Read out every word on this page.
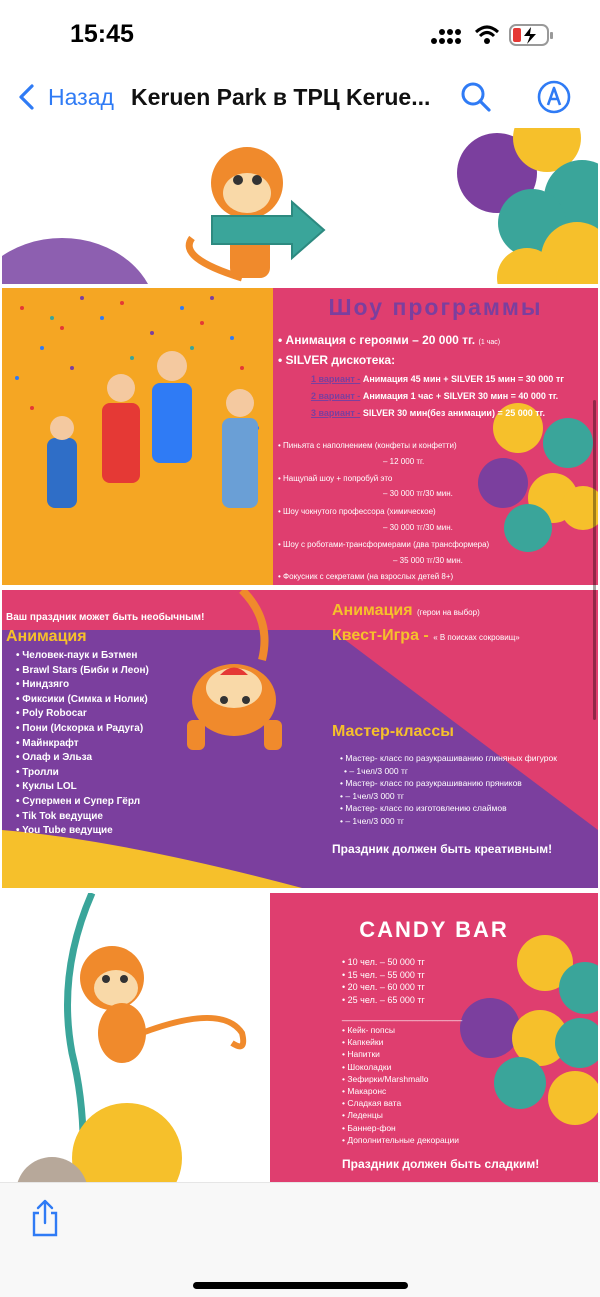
15:45
Назад Keruen Park в ТРЦ Kerue...
Шоу программы
• Анимация с героями – 20 000 тг. (1 час)
• SILVER дискотека:
1 вариант - Анимация 45 мин + SILVER 15 мин = 30 000 тг
2 вариант - Анимация 1 час + SILVER 30 мин = 40 000 тг.
3 вариант - SILVER 30 мин(без анимации) = 25 000 тг.
• Пиньята с наполнением (конфеты и конфетти)
– 12 000 тг.
• Нащупай шоу + попробуй это
– 30 000 тг/30 мин.
• Шоу чокнутого профессора (химическое)
– 30 000 тг/30 мин.
• Шоу с роботами-трансформерами (два трансформера)
– 35 000 тг/30 мин.
• Фокусник с секретами (на взрослых детей 8+)
Ваш праздник может быть необычным!
Анимация
• Человек-паук и Бэтмен
• Brawl Stars (Биби и Леон)
• Ниндзяго
• Фиксики (Симка и Нолик)
• Poly Robocar
• Пони (Искорка и Радуга)
• Майнкрафт
• Олаф и Эльза
• Тролли
• Куклы LOL
• Супермен и Супер Гёрл
• Tik Tok ведущие
• You Tube ведущие
Анимация (герои на выбор)
Квест-Игра - « В поисках сокровищ»
Мастер-классы
• Мастер- класс по разукрашиванию глиняных фигурок
• – 1чел/3 000 тг
• Мастер- класс по разукрашиванию пряников
• – 1чел/3 000 тг
• Мастер- класс по изготовлению слаймов
• – 1чел/3 000 тг
Праздник должен быть креативным!
CANDY BAR
• 10 чел. – 50 000 тг
• 15 чел. – 55 000 тг
• 20 чел. – 60 000 тг
• 25 чел. – 65 000 тг
________________________
• Кейк- попсы
• Капкейки
• Напитки
• Шоколадки
• Зефирки/Marshmallo
• Макаронс
• Сладкая вата
• Леденцы
• Баннер-фон
• Дополнительные декорации
Праздник должен быть сладким!
